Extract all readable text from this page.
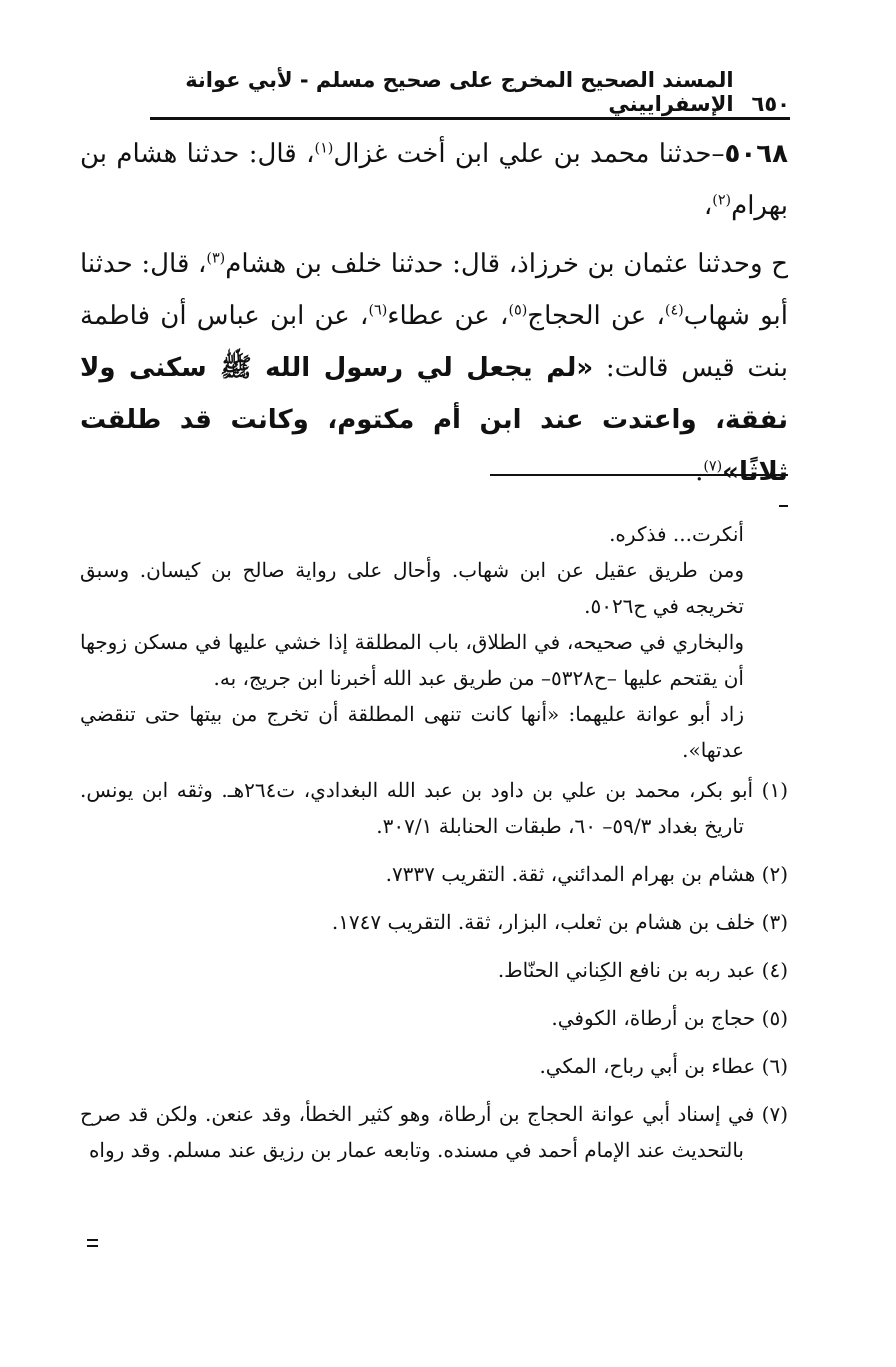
٦٥٠
المسند الصحيح المخرج على صحيح مسلم - لأبي عوانة الإسفراييني

٥٠٦٨–حدثنا محمد بن علي ابن أخت غزال$^{(١)}$، قال: حدثنا هشام بن بهرام$^{(٢)}$،

ح وحدثنا عثمان بن خرزاذ، قال: حدثنا خلف بن هشام$^{(٣)}$، قال: حدثنا أبو شهاب$^{(٤)}$، عن الحجاج$^{(٥)}$، عن عطاء$^{(٦)}$، عن ابن عباس أن فاطمة بنت قيس قالت: «لم يجعل لي رسول الله ﷺ سكنى ولا نفقة، واعتدت عند ابن أم مكتوم، وكانت قد طلقت ثلاثًا»$^{(٧)}$.

أنكرت... فذكره.

ومن طريق عقيل عن ابن شهاب. وأحال على رواية صالح بن كيسان. وسبق تخريجه في ح٥٠٢٦.

والبخاري في صحيحه، في الطلاق، باب المطلقة إذا خشي عليها في مسكن زوجها أن يقتحم عليها –ح٥٣٢٨– من طريق عبد الله أخبرنا ابن جريج، به.

زاد أبو عوانة عليهما: «أنها كانت تنهى المطلقة أن تخرج من بيتها حتى تنقضي عدتها».

(١) أبو بكر، محمد بن علي بن داود بن عبد الله البغدادي، ت٢٦٤هـ. وثقه ابن يونس. تاريخ بغداد ٥٩/٣– ٦٠، طبقات الحنابلة ٣٠٧/١.

(٢) هشام بن بهرام المدائني، ثقة. التقريب ٧٣٣٧.

(٣) خلف بن هشام بن ثعلب، البزار، ثقة. التقريب ١٧٤٧.

(٤) عبد ربه بن نافع الكِناني الحنّاط.

(٥) حجاج بن أرطاة، الكوفي.

(٦) عطاء بن أبي رباح، المكي.

(٧) في إسناد أبي عوانة الحجاج بن أرطاة، وهو كثير الخطأ، وقد عنعن. ولكن قد صرح بالتحديث عند الإمام أحمد في مسنده. وتابعه عمار بن رزيق عند مسلم. وقد رواه
